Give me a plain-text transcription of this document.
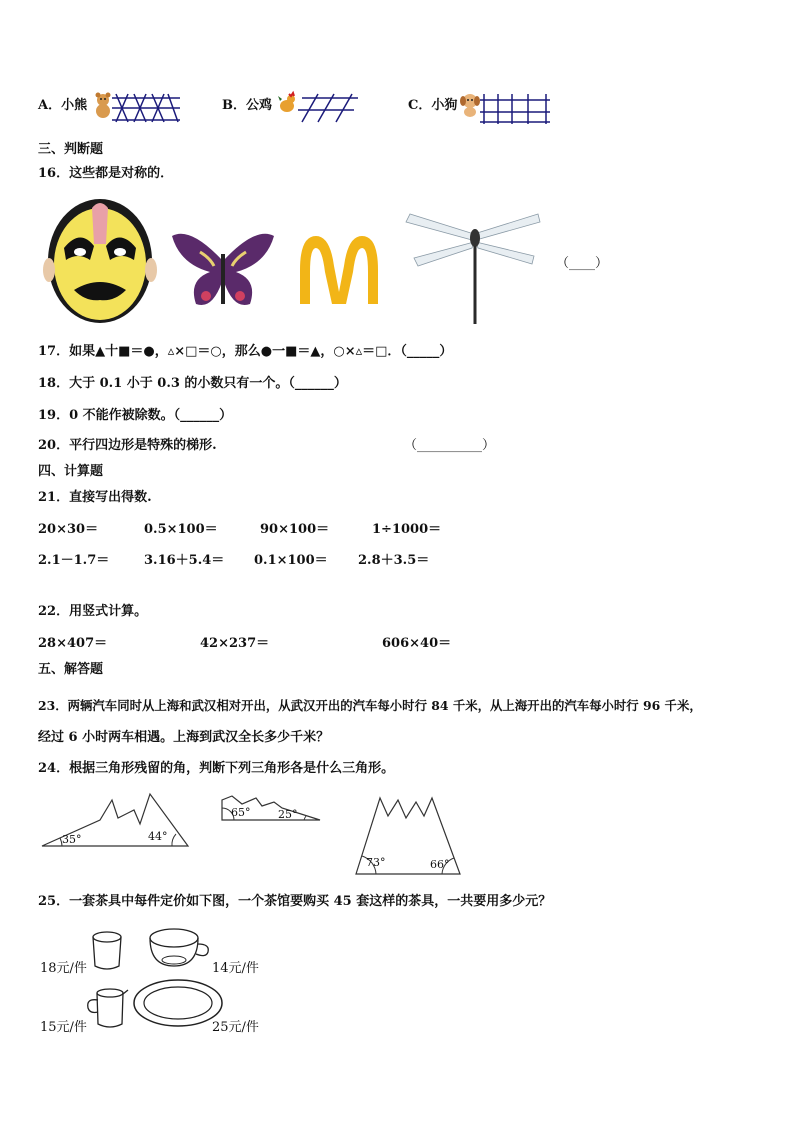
A．小熊	B．公鸡	C．小狗
三、判断题
16．这些都是对称的．
（____）
17．如果▲十■＝●，▵×□＝○，那么●一■＝▲，○×▵＝□．（_____）
18．大于 0.1 小于 0.3 的小数只有一个。（______）
19．0 不能作被除数。（______）
20．平行四边形是特殊的梯形.	（__________）
四、计算题
21．直接写出得数.
20×30＝	0.5×100＝	90×100＝	1÷1000＝
2.1－1.7＝	3.16＋5.4＝ 0.1×100＝ 2.8＋3.5＝
22．用竖式计算。
28×407＝	42×237＝	606×40＝
五、解答题
23．两辆汽车同时从上海和武汉相对开出，从武汉开出的汽车每小时行 84 千米，从上海开出的汽车每小时行 96 千米，
经过 6 小时两车相遇。上海到武汉全长多少千米？
24．根据三角形残留的角，判断下列三角形各是什么三角形。
35°	44°
65°	25°
73°	66°
25．一套茶具中每件定价如下图，一个茶馆要购买 45 套这样的茶具，一共要用多少元？
18元/件	14元/件
15元/件	25元/件
